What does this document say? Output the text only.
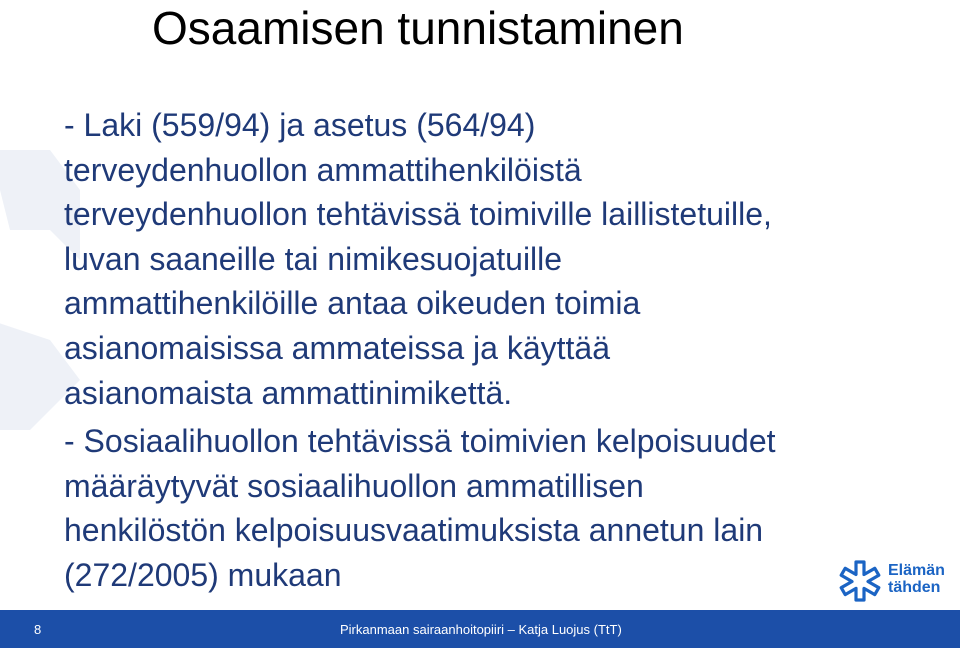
Osaamisen tunnistaminen
- Laki (559/94) ja asetus (564/94)
terveydenhuollon ammattihenkilöistä
terveydenhuollon tehtävissä toimiville laillistetuille,
luvan saaneille tai nimikesuojatuille
ammattihenkilöille antaa oikeuden toimia
asianomaisissa ammateissa ja käyttää
asianomaista ammattinimikettä.
- Sosiaalihuollon tehtävissä toimivien kelpoisuudet
määräytyvät sosiaalihuollon ammatillisen
henkilöstön kelpoisuusvaatimuksista annetun lain
(272/2005) mukaan	Elämän
tähden
8	Pirkanmaan sairaanhoitopiiri – Katja Luojus (TtT)
